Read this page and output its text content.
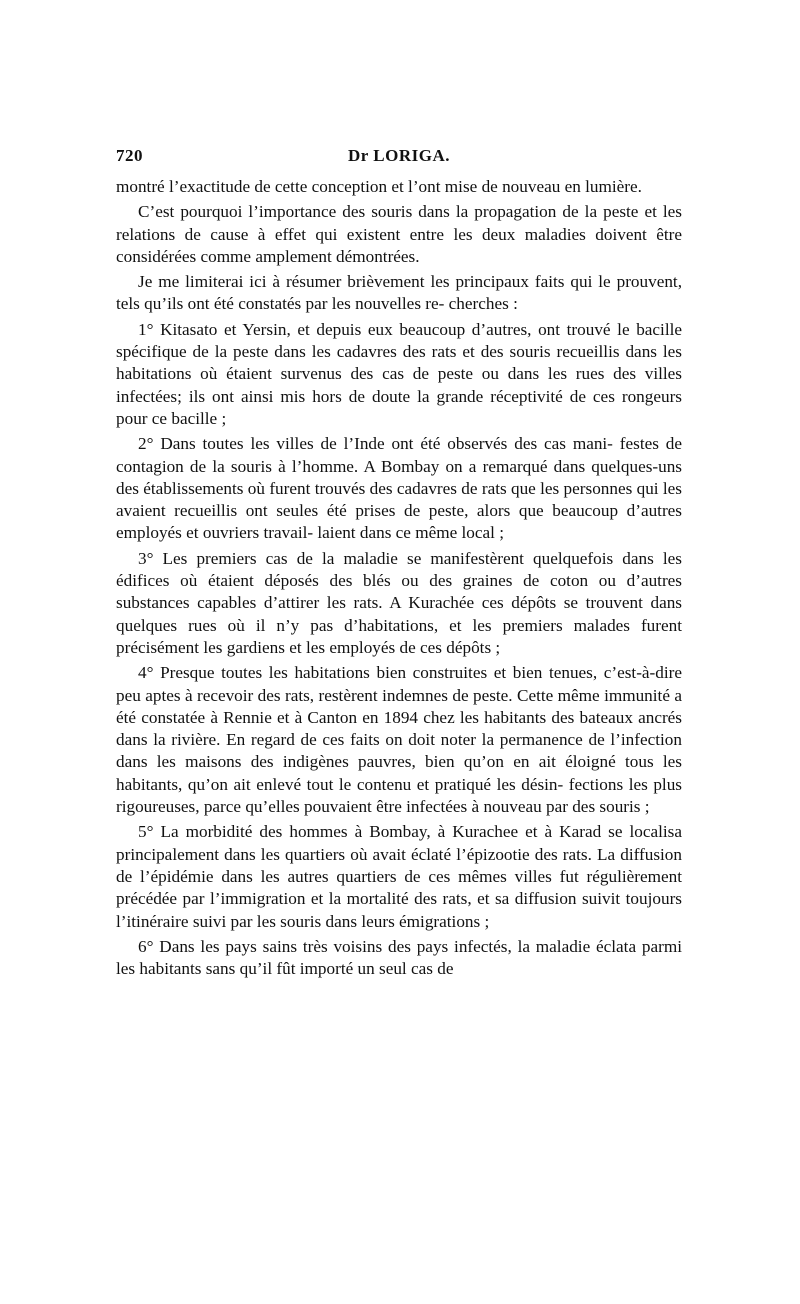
720	Dr LORIGA.

montré l’exactitude de cette conception et l’ont mise de nouveau en lumière.

C’est pourquoi l’importance des souris dans la propagation de la peste et les relations de cause à effet qui existent entre les deux maladies doivent être considérées comme amplement démontrées.

Je me limiterai ici à résumer brièvement les principaux faits qui le prouvent, tels qu’ils ont été constatés par les nouvelles re- cherches :

1° Kitasato et Yersin, et depuis eux beaucoup d’autres, ont trouvé le bacille spécifique de la peste dans les cadavres des rats et des souris recueillis dans les habitations où étaient survenus des cas de peste ou dans les rues des villes infectées; ils ont ainsi mis hors de doute la grande réceptivité de ces rongeurs pour ce bacille ;

2° Dans toutes les villes de l’Inde ont été observés des cas mani- festes de contagion de la souris à l’homme. A Bombay on a remarqué dans quelques-uns des établissements où furent trouvés des cadavres de rats que les personnes qui les avaient recueillis ont seules été prises de peste, alors que beaucoup d’autres employés et ouvriers travail- laient dans ce même local ;

3° Les premiers cas de la maladie se manifestèrent quelquefois dans les édifices où étaient déposés des blés ou des graines de coton ou d’autres substances capables d’attirer les rats. A Kurachée ces dépôts se trouvent dans quelques rues où il n’y pas d’habitations, et les premiers malades furent précisément les gardiens et les employés de ces dépôts ;

4° Presque toutes les habitations bien construites et bien tenues, c’est-à-dire peu aptes à recevoir des rats, restèrent indemnes de peste. Cette même immunité a été constatée à Rennie et à Canton en 1894 chez les habitants des bateaux ancrés dans la rivière. En regard de ces faits on doit noter la permanence de l’infection dans les maisons des indigènes pauvres, bien qu’on en ait éloigné tous les habitants, qu’on ait enlevé tout le contenu et pratiqué les désin- fections les plus rigoureuses, parce qu’elles pouvaient être infectées à nouveau par des souris ;

5° La morbidité des hommes à Bombay, à Kurachee et à Karad se localisa principalement dans les quartiers où avait éclaté l’épizootie des rats. La diffusion de l’épidémie dans les autres quartiers de ces mêmes villes fut régulièrement précédée par l’immigration et la mortalité des rats, et sa diffusion suivit toujours l’itinéraire suivi par les souris dans leurs émigrations ;

6° Dans les pays sains très voisins des pays infectés, la maladie éclata parmi les habitants sans qu’il fût importé un seul cas de
